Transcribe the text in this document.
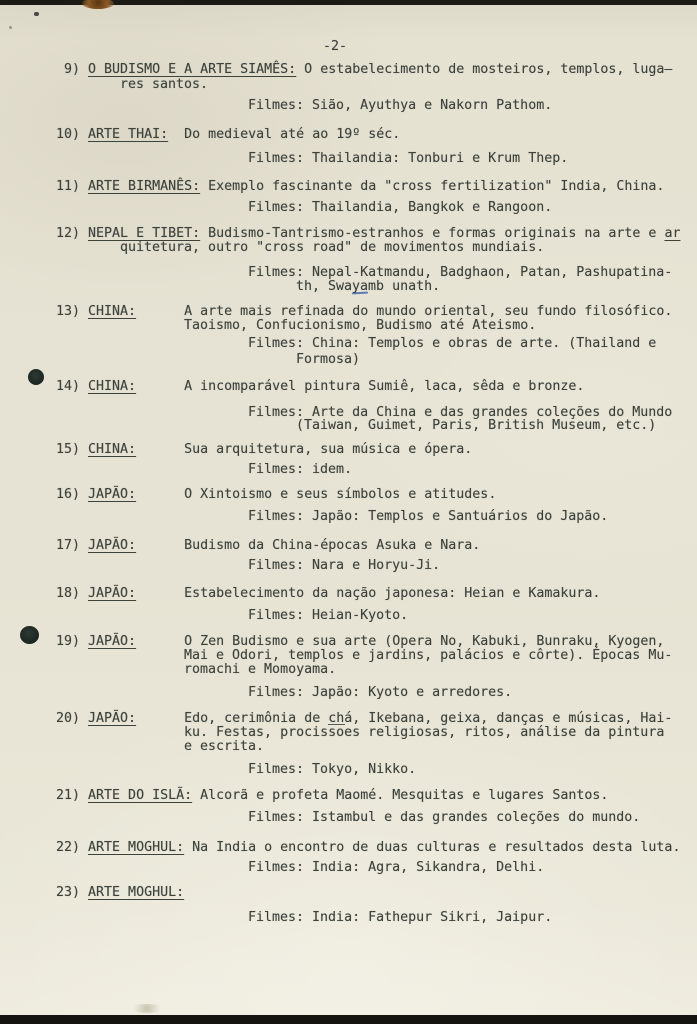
-2-
9) O BUDISMO E A ARTE SIAMÊS: O estabelecimento de mosteiros, templos, luga—
res santos.
Filmes: Sião, Ayuthya e Nakorn Pathom.
10) ARTE THAI:  Do medieval até ao 19º séc.
Filmes: Thailandia: Tonburi e Krum Thep.
11) ARTE BIRMANÊS: Exemplo fascinante da "cross fertilization" India, China.
Filmes: Thailandia, Bangkok e Rangoon.
12) NEPAL E TIBET: Budismo-Tantrismo-estranhos e formas originais na arte e ar
quitetura, outro "cross road" de movimentos mundiais.
Filmes: Nepal-Katmandu, Badghaon, Patan, Pashupatina-
th, Swayamb unath.
13) CHINA:      A arte mais refinada do mundo oriental, seu fundo filosófico.
Taoismo, Confucionismo, Budismo até Ateismo.
Filmes: China: Templos e obras de arte. (Thailand e
Formosa)
14) CHINA:      A incomparável pintura Sumiê, laca, sêda e bronze.
Filmes: Arte da China e das grandes coleções do Mundo
(Taiwan, Guimet, Paris, British Museum, etc.)
15) CHINA:      Sua arquitetura, sua música e ópera.
Filmes: idem.
16) JAPÃO:      O Xintoismo e seus símbolos e atitudes.
Filmes: Japão: Templos e Santuários do Japão.
17) JAPÃO:      Budismo da China-épocas Asuka e Nara.
Filmes: Nara e Horyu-Ji.
18) JAPÃO:      Estabelecimento da nação japonesa: Heian e Kamakura.
Filmes: Heian-Kyoto.
19) JAPÃO:      O Zen Budismo e sua arte (Opera No, Kabuki, Bunraku, Kyogen,
Mai e Odori, templos e jardins, palácios e côrte). Épocas Mu-
romachi e Momoyama.
Filmes: Japão: Kyoto e arredores.
20) JAPÃO:      Edo, cerimônia de chá, Ikebana, geixa, danças e músicas, Hai-
ku. Festas, procissoes religiosas, ritos, análise da pintura
e escrita.
Filmes: Tokyo, Nikko.
21) ARTE DO ISLÃ: Alcorã e profeta Maomé. Mesquitas e lugares Santos.
Filmes: Istambul e das grandes coleções do mundo.
22) ARTE MOGHUL: Na India o encontro de duas culturas e resultados desta luta.
Filmes: India: Agra, Sikandra, Delhi.
23) ARTE MOGHUL:
Filmes: India: Fathepur Sikri, Jaipur.
